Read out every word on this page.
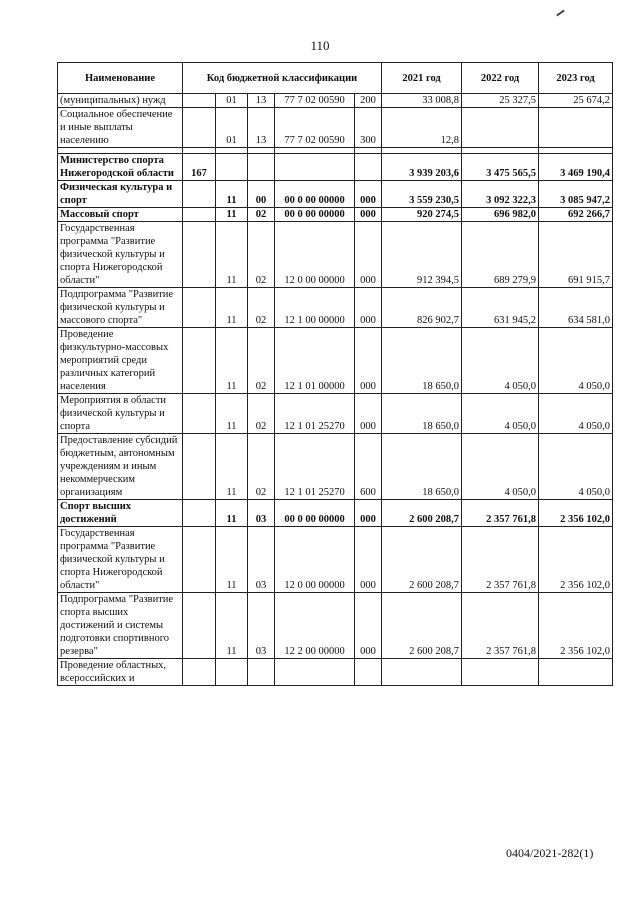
110
Наименование	Код бюджетной классификации					2021 год	2022 год	2023 год
(муниципальных) нужд		01	13	77 7 02 00590	200	33 008,8	25 327,5	25 674,2
Социальное обеспечение и иные выплаты населению		01	13	77 7 02 00590	300	12,8		

Министерство спорта Нижегородской области	167					3 939 203,6	3 475 565,5	3 469 190,4
Физическая культура и спорт		11	00	00 0 00 00000	000	3 559 230,5	3 092 322,3	3 085 947,2
Массовый спорт		11	02	00 0 00 00000	000	920 274,5	696 982,0	692 266,7
Государственная программа "Развитие физической культуры и спорта Нижегородской области"		11	02	12 0 00 00000	000	912 394,5	689 279,9	691 915,7
Подпрограмма "Развитие физической культуры и массового спорта"		11	02	12 1 00 00000	000	826 902,7	631 945,2	634 581,0
Проведение физкультурно-массовых мероприятий среди различных категорий населения		11	02	12 1 01 00000	000	18 650,0	4 050,0	4 050,0
Мероприятия в области физической культуры и спорта		11	02	12 1 01 25270	000	18 650,0	4 050,0	4 050,0
Предоставление субсидий бюджетным, автономным учреждениям и иным некоммерческим организациям		11	02	12 1 01 25270	600	18 650,0	4 050,0	4 050,0
Спорт высших достижений		11	03	00 0 00 00000	000	2 600 208,7	2 357 761,8	2 356 102,0
Государственная программа "Развитие физической культуры и спорта Нижегородской области"		11	03	12 0 00 00000	000	2 600 208,7	2 357 761,8	2 356 102,0
Подпрограмма "Развитие спорта высших достижений и системы подготовки спортивного резерва"		11	03	12 2 00 00000	000	2 600 208,7	2 357 761,8	2 356 102,0
Проведение областных, всероссийских и								
0404/2021-282(1)
